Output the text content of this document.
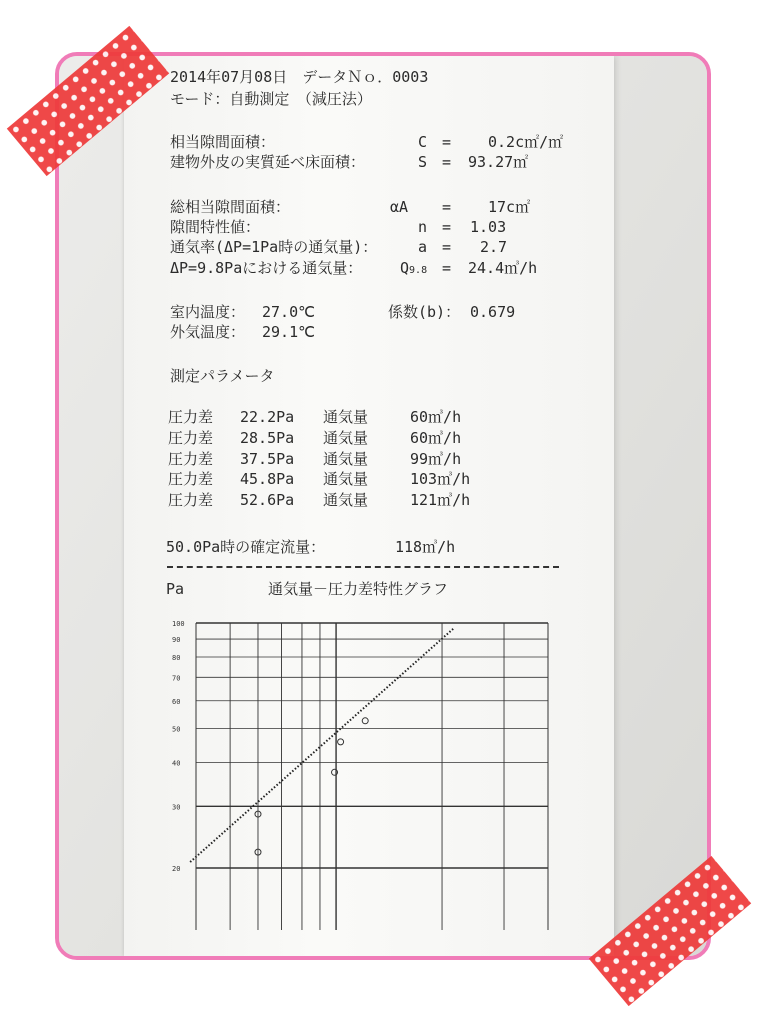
2014年07月08日　データＮｏ．0003
モード：自動測定　（減圧法）
相当隙間面積：	C = 0.2c㎡/㎡
建物外皮の実質延べ床面積：	S = 93.27㎡
総相当隙間面積：	αA = 17c㎡
隙間特性値：	n = 1.03
通気率(ΔP=1Pa時の通気量)：	a = 2.7
ΔP=9.8Paにおける通気量：	Q9.8 = 24.4㎥/h
室内温度： 27.0℃	係数(b)： 0.679
外気温度： 29.1℃
測定パラメータ
圧力差 22.2Pa 通気量	60㎥/h
圧力差 28.5Pa 通気量	60㎥/h
圧力差 37.5Pa 通気量	99㎥/h
圧力差 45.8Pa 通気量	103㎥/h
圧力差 52.6Pa 通気量	121㎥/h
50.0Pa時の確定流量：	118㎥/h
Pa	通気量－圧力差特性グラフ
100
90
80
70
60
50
40
30
20
